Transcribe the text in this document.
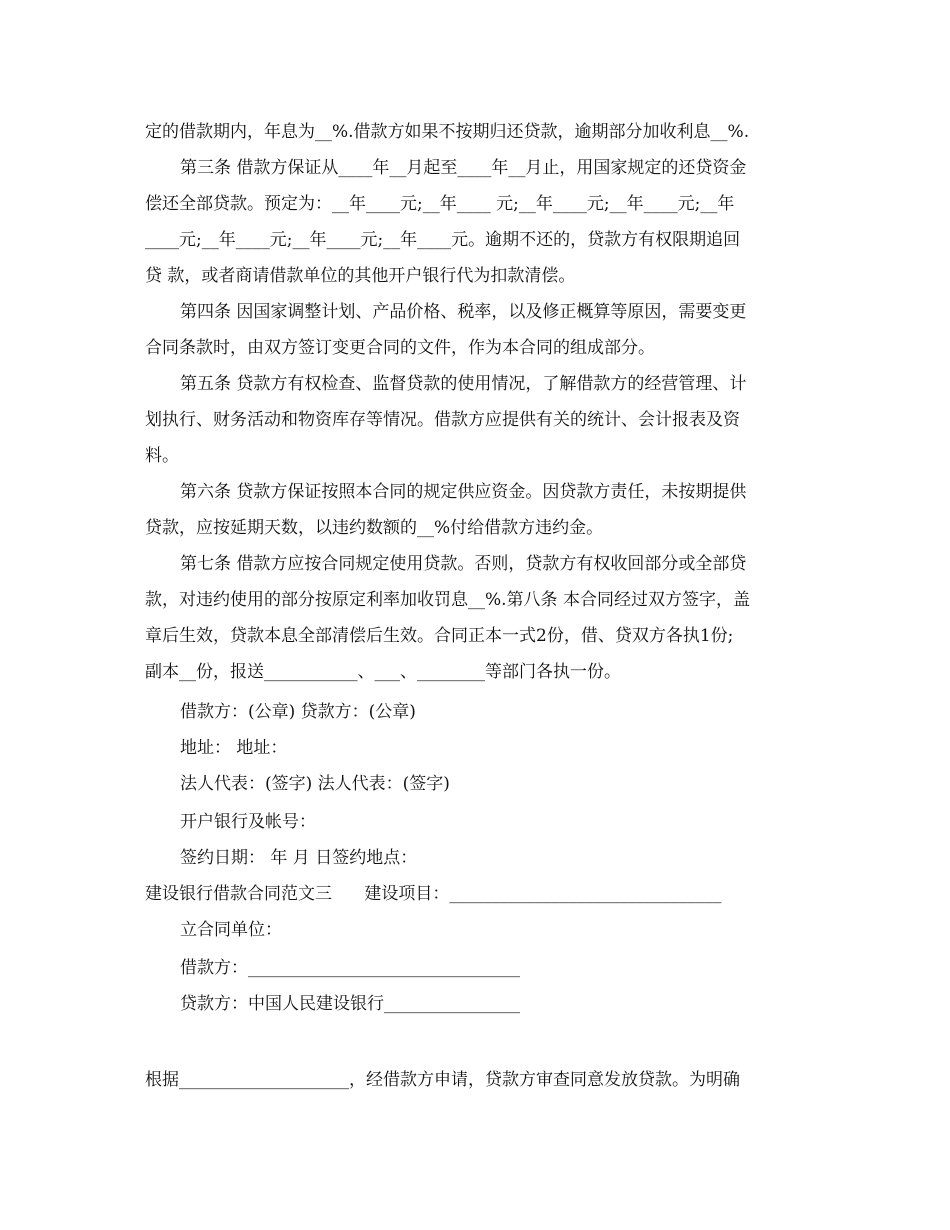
定的借款期内，年息为__%.借款方如果不按期归还贷款，逾期部分加收利息__%.

第三条 借款方保证从____年__月起至____年__月止，用国家规定的还贷资金

偿还全部贷款。预定为：__年____元;__年____ 元;__年____元;__年____元;__年

____元;__年____元;__年____元;__年____元。逾期不还的，贷款方有权限期追回

贷 款，或者商请借款单位的其他开户银行代为扣款清偿。

第四条 因国家调整计划、产品价格、税率，以及修正概算等原因，需要变更

合同条款时，由双方签订变更合同的文件，作为本合同的组成部分。

第五条 贷款方有权检查、监督贷款的使用情况，了解借款方的经营管理、计

划执行、财务活动和物资库存等情况。借款方应提供有关的统计、会计报表及资

料。

第六条 贷款方保证按照本合同的规定供应资金。因贷款方责任，未按期提供

贷款，应按延期天数，以违约数额的__%付给借款方违约金。

第七条 借款方应按合同规定使用贷款。否则，贷款方有权收回部分或全部贷

款，对违约使用的部分按原定利率加收罚息__%.第八条 本合同经过双方签字，盖

章后生效，贷款本息全部清偿后生效。合同正本一式2份，借、贷双方各执1份;

副本__份，报送___________、___、________等部门各执一份。

借款方：(公章) 贷款方：(公章)

地址： 地址：

法人代表：(签字) 法人代表：(签字)

开户银行及帐号：

签约日期： 年 月 日签约地点：

建设银行借款合同范文三      建设项目：________________________________

立合同单位：

借款方：________________________________

贷款方：中国人民建设银行________________

根据____________________，经借款方申请，贷款方审查同意发放贷款。为明确
